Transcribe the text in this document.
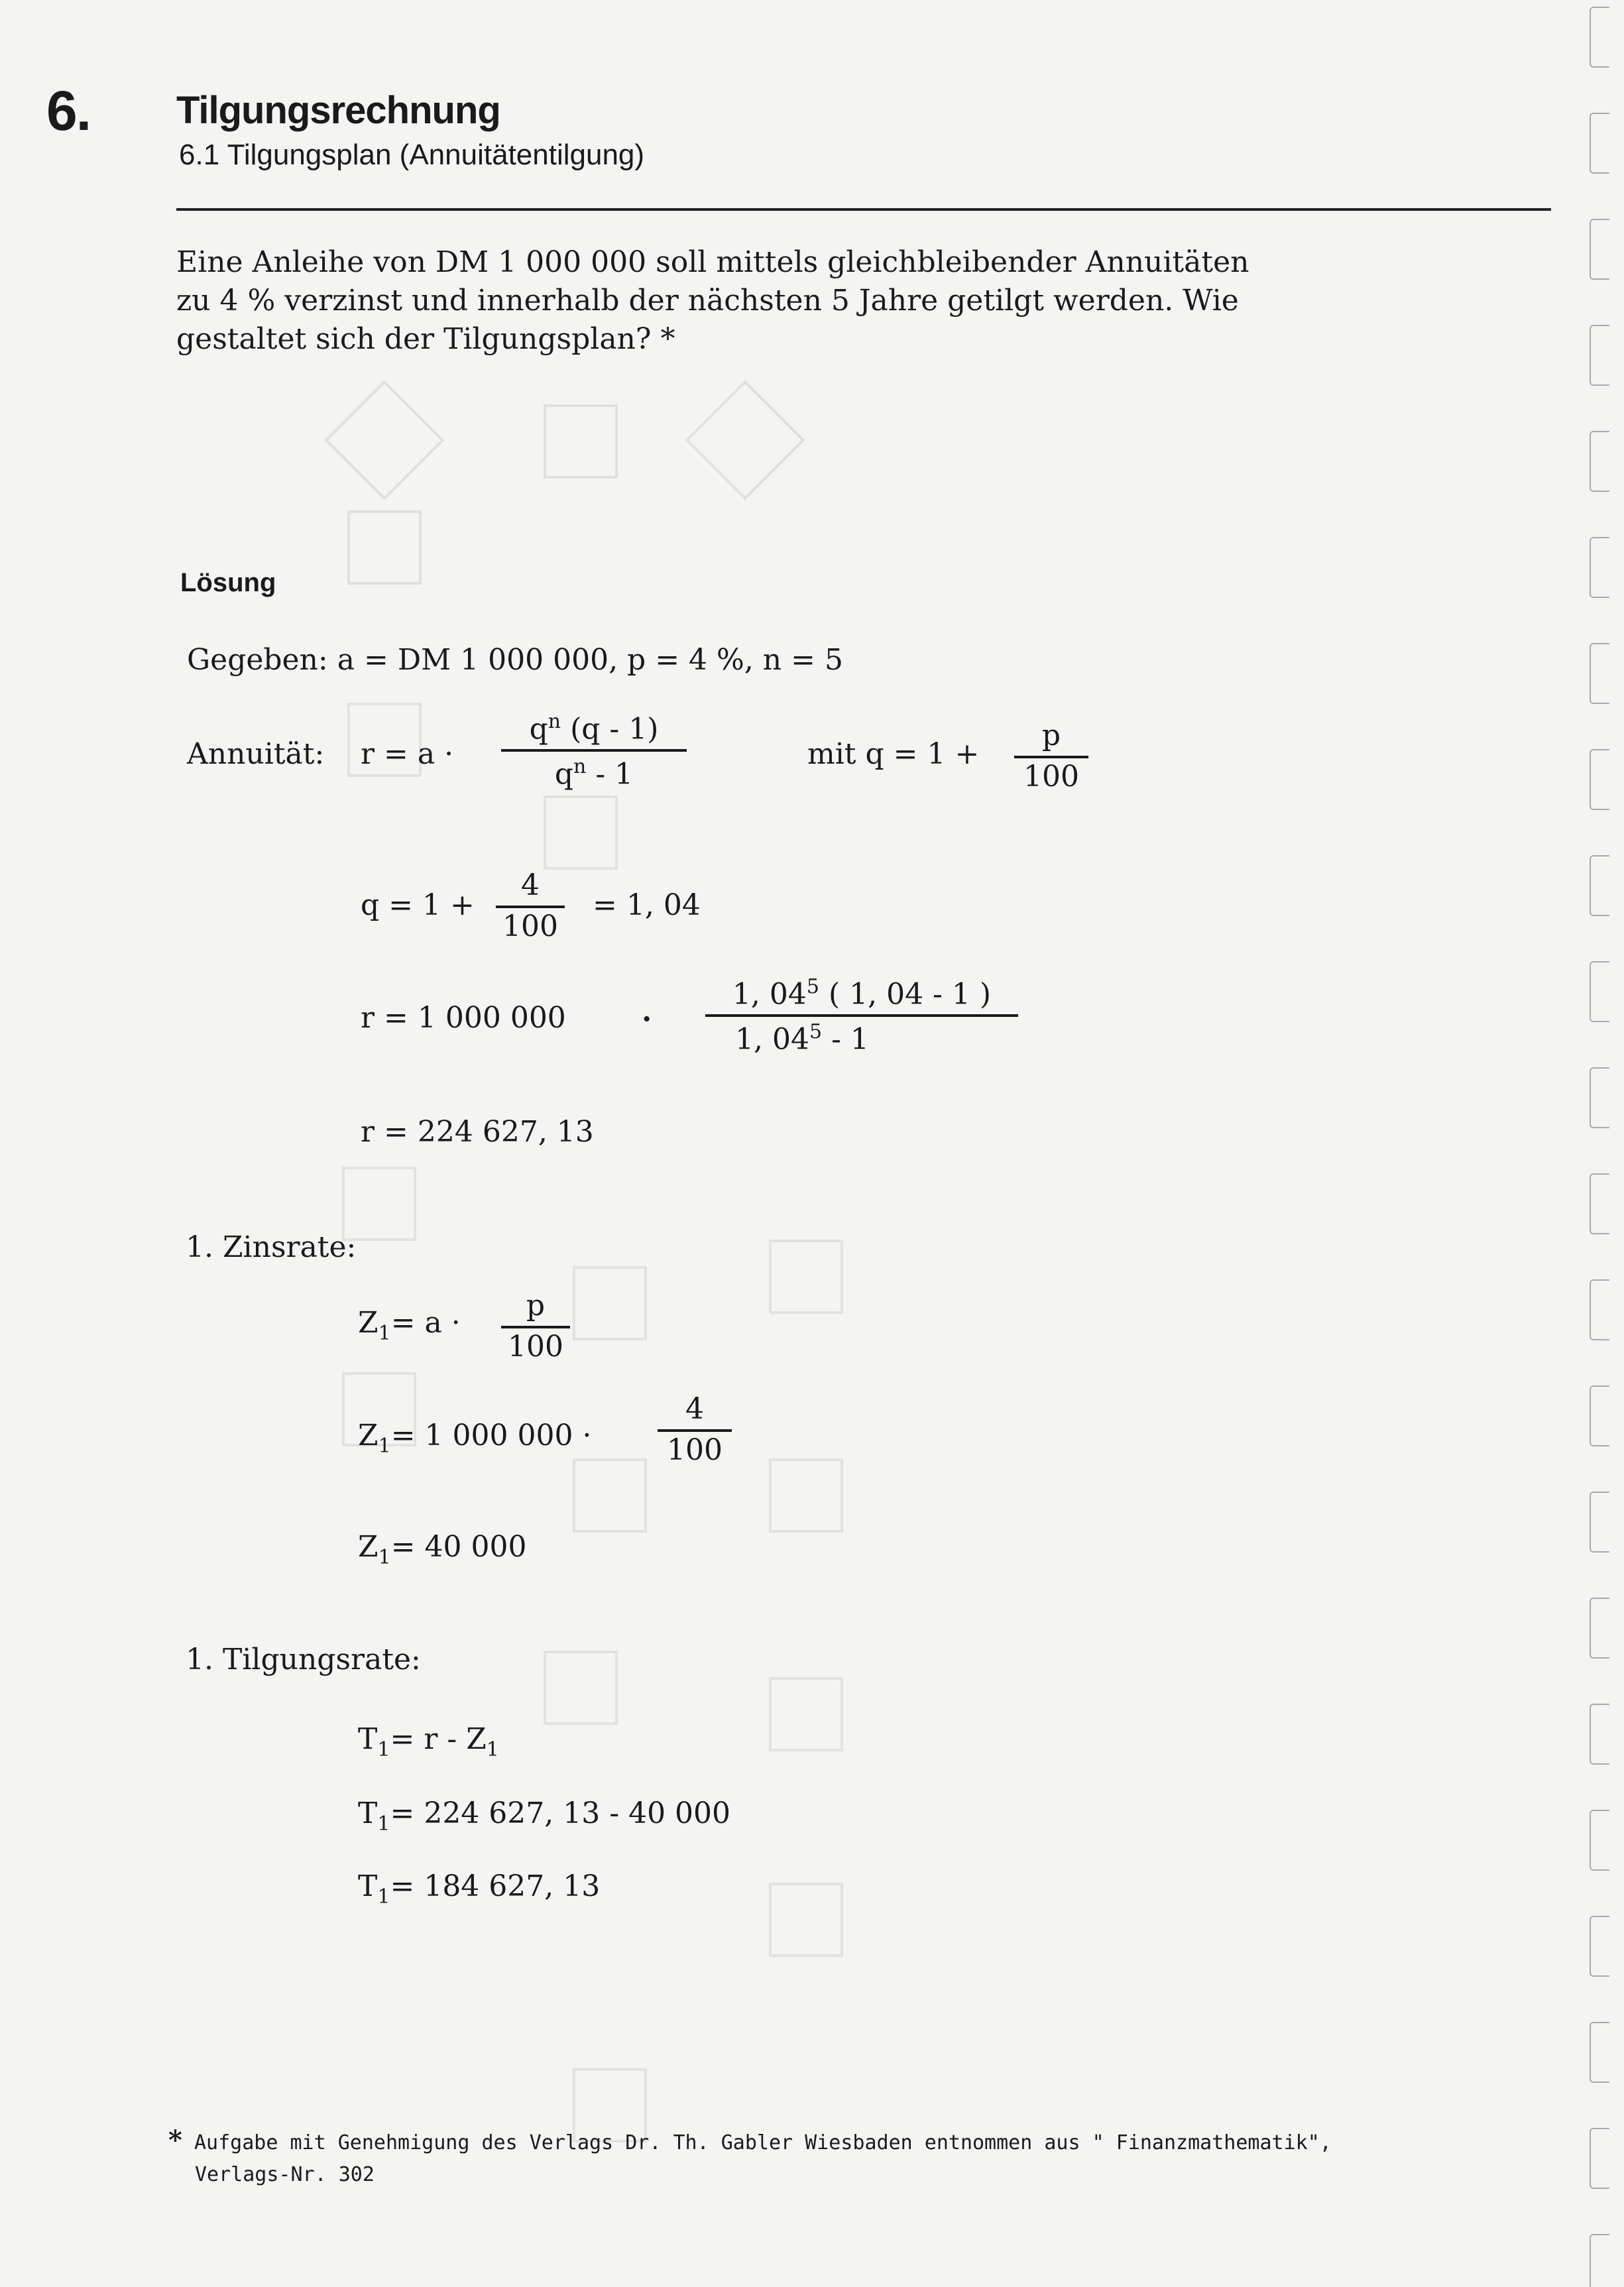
6.	Tilgungsrechnung
6.1 Tilgungsplan (Annuitätentilgung)
Eine Anleihe von DM 1 000 000 soll mittels gleichbleibender Annuitäten
zu 4 % verzinst und innerhalb der nächsten 5 Jahre getilgt werden. Wie
gestaltet sich der Tilgungsplan? *
Lösung
Gegeben: a = DM 1 000 000, p = 4 %, n = 5
Annuität: r = a ·
$q^n$ (q - 1)
$q^n - 1$
mit q = 1 +
p
100
q = 1 +
4
100
= 1, 04
r = 1 000 000	·
1, $04^5$ ( 1, 04 - 1 )
1, $04^5 - 1$
r = 224 627, 13
1. Zinsrate:
$Z_1= a$ ·
p
100
$Z_1= 1$ 000 000 ·
4
100
$Z_1= 40$ 000
1. Tilgungsrate:
$T_1= r - Z_1$
$T_1= 224$ 627, 13 - 40 000
$T_1= 184$ 627, 13
* Aufgabe mit Genehmigung des Verlags Dr. Th. Gabler Wiesbaden entnommen aus " Finanzmathematik",
Verlags-Nr. 302
